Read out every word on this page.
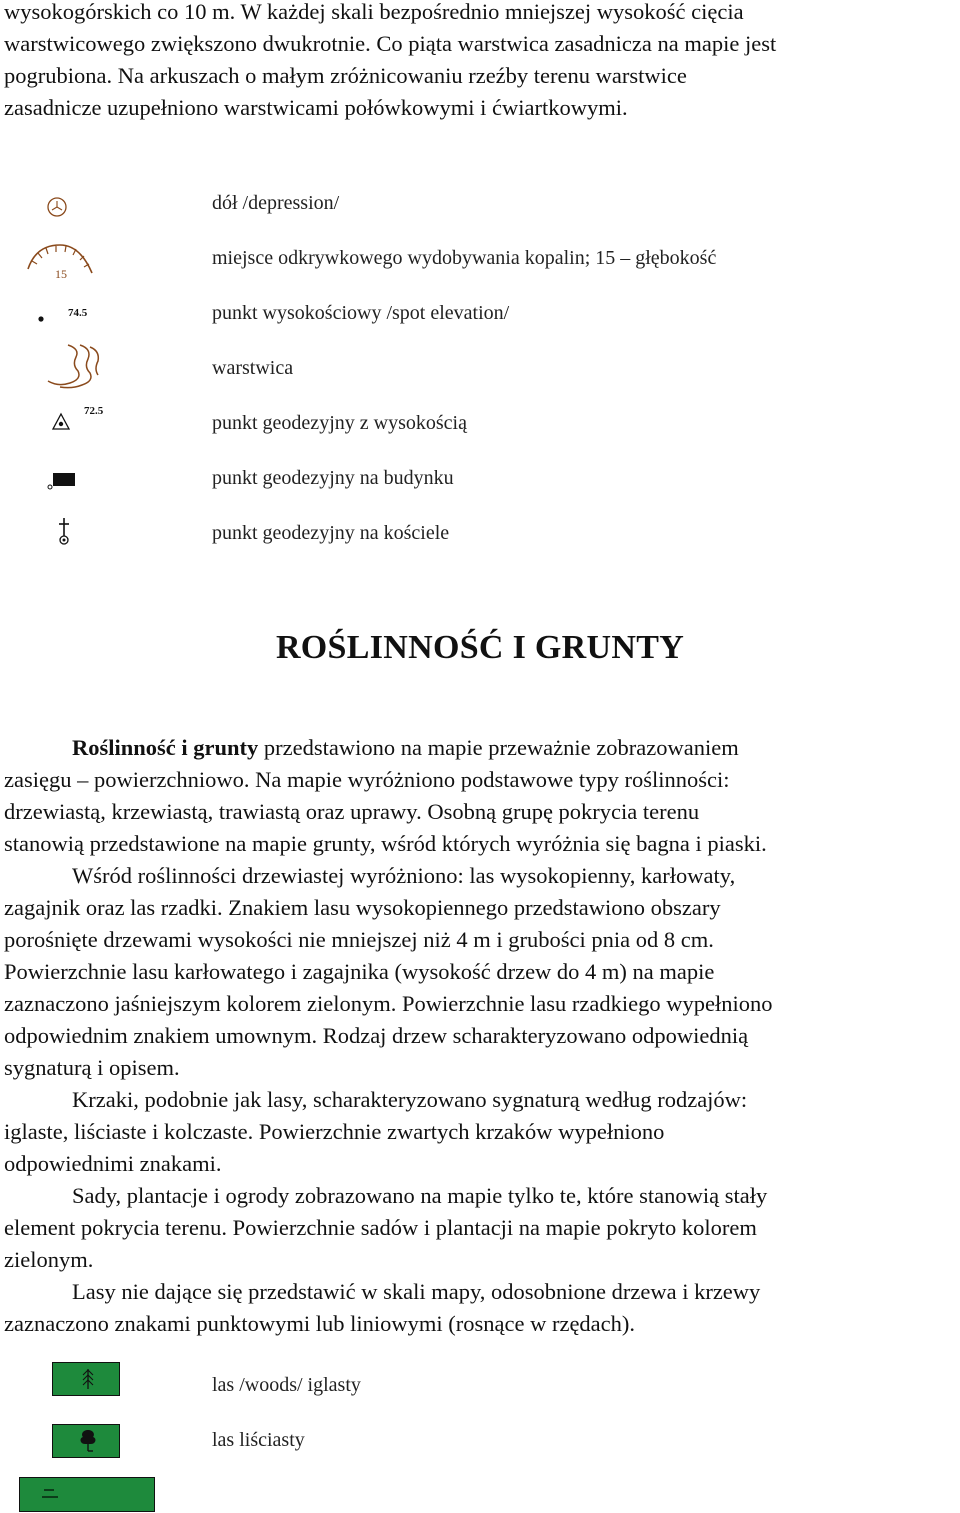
wysokogórskich co 10 m. W każdej skali bezpośrednio mniejszej wysokość cięcia
warstwicowego zwiększono dwukrotnie. Co piąta warstwica zasadnicza na mapie jest
pogrubiona. Na arkuszach o małym zróżnicowaniu rzeźby terenu warstwice
zasadnicze uzupełniono warstwicami połówkowymi i ćwiartkowymi.
dół /depression/
15
miejsce odkrywkowego wydobywania kopalin; 15 – głębokość
74.5	punkt wysokościowy /spot elevation/
warstwica
72.5
punkt geodezyjny z wysokością
punkt geodezyjny na budynku
punkt geodezyjny na kościele
ROŚLINNOŚĆ I GRUNTY
Roślinność i grunty przedstawiono na mapie przeważnie zobrazowaniem
zasięgu – powierzchniowo. Na mapie wyróżniono podstawowe typy roślinności:
drzewiastą, krzewiastą, trawiastą oraz uprawy. Osobną grupę pokrycia terenu
stanowią przedstawione na mapie grunty, wśród których wyróżnia się bagna i piaski.
Wśród roślinności drzewiastej wyróżniono: las wysokopienny, karłowaty,
zagajnik oraz las rzadki. Znakiem lasu wysokopiennego przedstawiono obszary
porośnięte drzewami wysokości nie mniejszej niż 4 m i grubości pnia od 8 cm.
Powierzchnie lasu karłowatego i zagajnika (wysokość drzew do 4 m) na mapie
zaznaczono jaśniejszym kolorem zielonym. Powierzchnie lasu rzadkiego wypełniono
odpowiednim znakiem umownym. Rodzaj drzew scharakteryzowano odpowiednią
sygnaturą i opisem.
Krzaki, podobnie jak lasy, scharakteryzowano sygnaturą według rodzajów:
iglaste, liściaste i kolczaste. Powierzchnie zwartych krzaków wypełniono
odpowiednimi znakami.
Sady, plantacje i ogrody zobrazowano na mapie tylko te, które stanowią stały
element pokrycia terenu. Powierzchnie sadów i plantacji na mapie pokryto kolorem
zielonym.
Lasy nie dające się przedstawić w skali mapy, odosobnione drzewa i krzewy
zaznaczono znakami punktowymi lub liniowymi (rosnące w rzędach).
las /woods/ iglasty
las liściasty
